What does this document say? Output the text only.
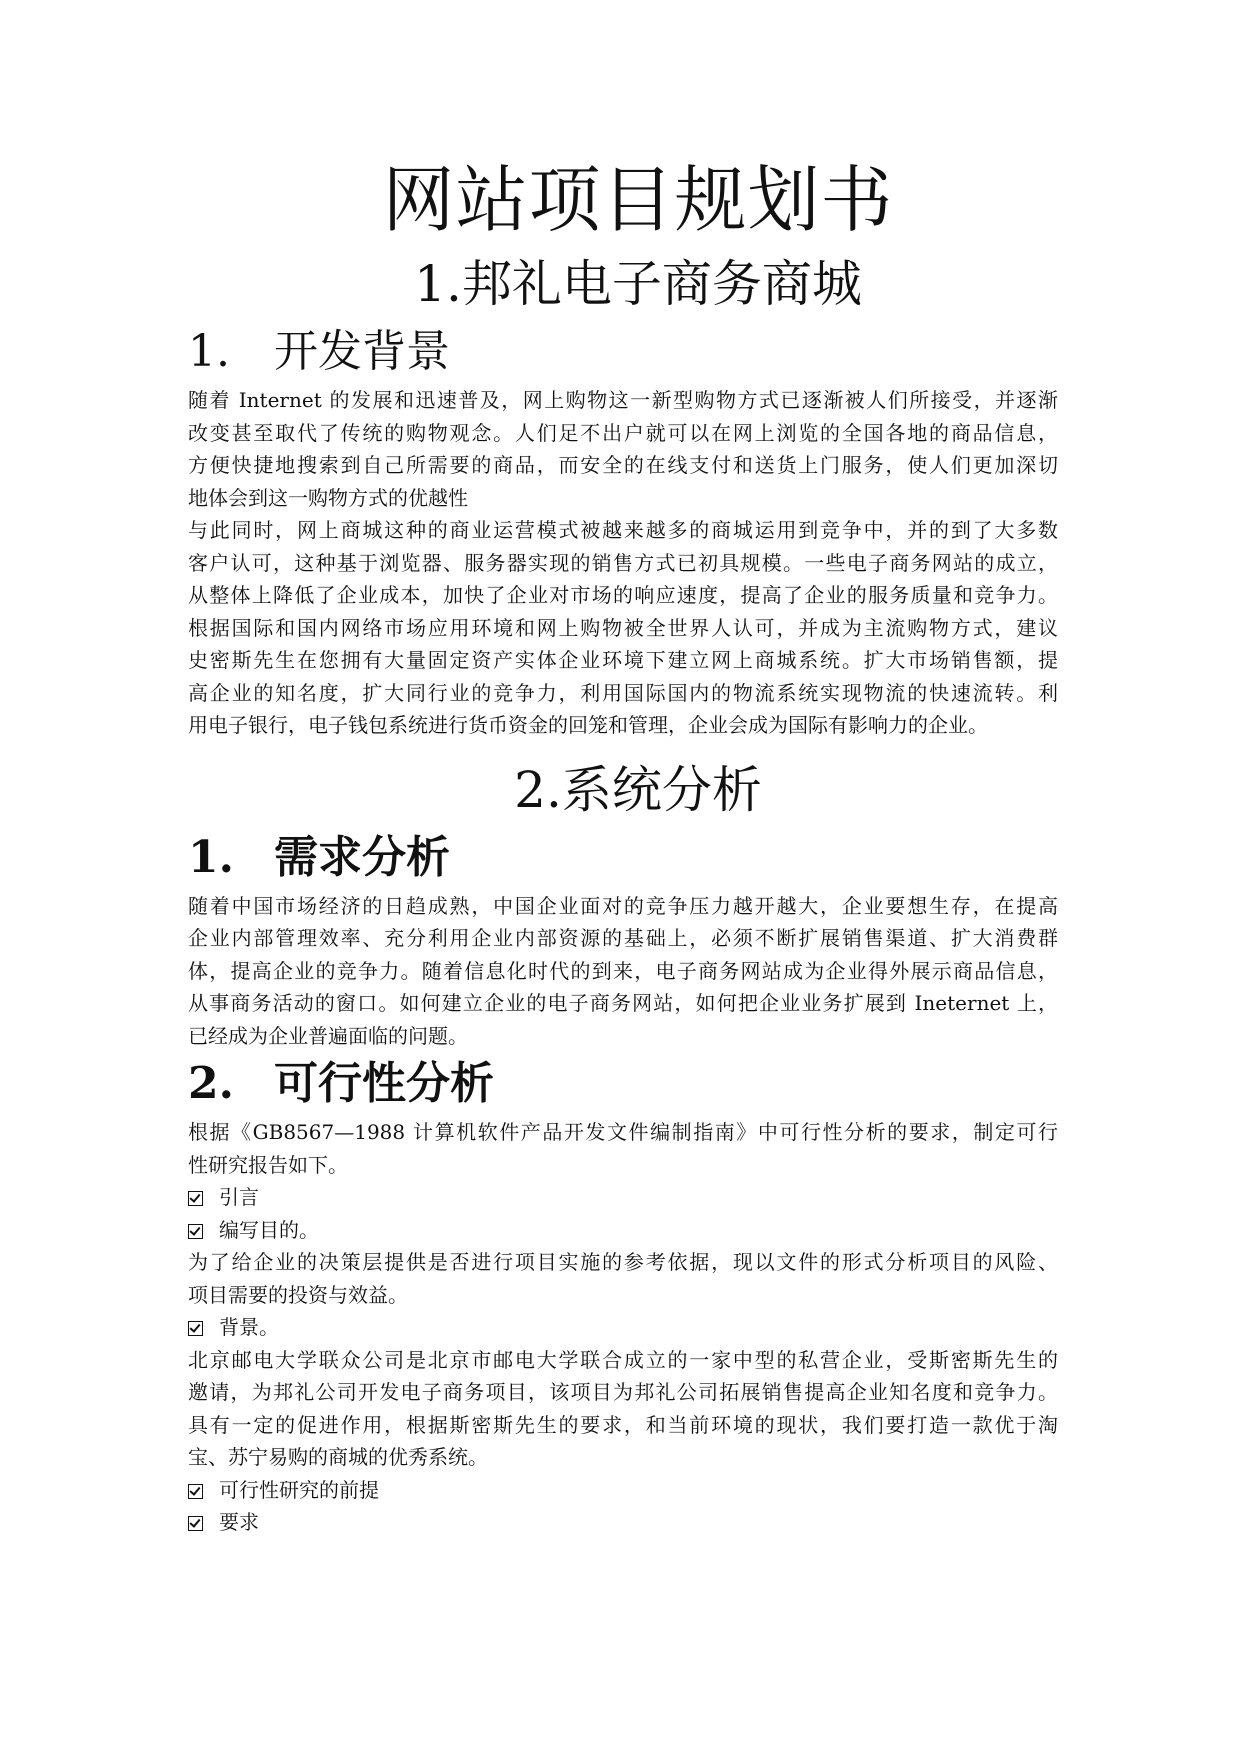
网站项目规划书
1.邦礼电子商务商城
1. 开发背景

随着 Internet 的发展和迅速普及，网上购物这一新型购物方式已逐渐被人们所接受，并逐渐
改变甚至取代了传统的购物观念。人们足不出户就可以在网上浏览的全国各地的商品信息，
方便快捷地搜索到自己所需要的商品，而安全的在线支付和送货上门服务，使人们更加深切
地体会到这一购物方式的优越性

与此同时，网上商城这种的商业运营模式被越来越多的商城运用到竞争中，并的到了大多数
客户认可，这种基于浏览器、服务器实现的销售方式已初具规模。一些电子商务网站的成立，
从整体上降低了企业成本，加快了企业对市场的响应速度，提高了企业的服务质量和竞争力。
根据国际和国内网络市场应用环境和网上购物被全世界人认可，并成为主流购物方式，建议
史密斯先生在您拥有大量固定资产实体企业环境下建立网上商城系统。扩大市场销售额，提
高企业的知名度，扩大同行业的竞争力，利用国际国内的物流系统实现物流的快速流转。利
用电子银行，电子钱包系统进行货币资金的回笼和管理，企业会成为国际有影响力的企业。

2.系统分析
1. 需求分析

随着中国市场经济的日趋成熟，中国企业面对的竞争压力越开越大，企业要想生存，在提高
企业内部管理效率、充分利用企业内部资源的基础上，必须不断扩展销售渠道、扩大消费群
体，提高企业的竞争力。随着信息化时代的到来，电子商务网站成为企业得外展示商品信息，
从事商务活动的窗口。如何建立企业的电子商务网站，如何把企业业务扩展到 Ineternet 上，
已经成为企业普遍面临的问题。

2. 可行性分析

根据《GB8567—1988 计算机软件产品开发文件编制指南》中可行性分析的要求，制定可行
性研究报告如下。

引言

编写目的。

为了给企业的决策层提供是否进行项目实施的参考依据，现以文件的形式分析项目的风险、
项目需要的投资与效益。

背景。

北京邮电大学联众公司是北京市邮电大学联合成立的一家中型的私营企业，受斯密斯先生的
邀请，为邦礼公司开发电子商务项目，该项目为邦礼公司拓展销售提高企业知名度和竞争力。
具有一定的促进作用，根据斯密斯先生的要求，和当前环境的现状，我们要打造一款优于淘
宝、苏宁易购的商城的优秀系统。

可行性研究的前提

要求
